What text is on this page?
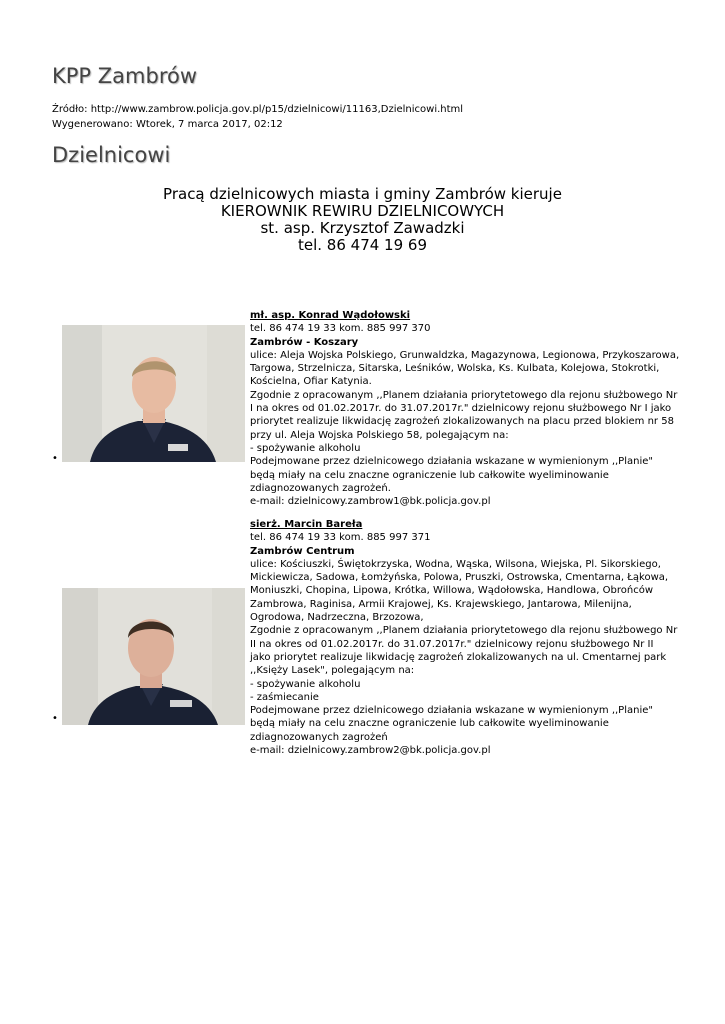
KPP Zambrów
Źródło: http://www.zambrow.policja.gov.pl/p15/dzielnicowi/11163,Dzielnicowi.html
Wygenerowano: Wtorek, 7 marca 2017, 02:12
Dzielnicowi
Pracą dzielnicowych miasta i gminy Zambrów kieruje
KIEROWNIK REWIRU DZIELNICOWYCH
st. asp. Krzysztof Zawadzki
tel. 86 474 19 69
•
mł. asp. Konrad Wądołowski
tel. 86 474 19 33 kom. 885 997 370
Zambrów - Koszary
ulice: Aleja Wojska Polskiego, Grunwaldzka, Magazynowa, Legionowa, Przykoszarowa,
Targowa, Strzelnicza, Sitarska, Leśników, Wolska, Ks. Kulbata, Kolejowa, Stokrotki,
Kościelna, Ofiar Katynia.
Zgodnie z opracowanym ,,Planem działania priorytetowego dla rejonu służbowego Nr
I na okres od 01.02.2017r. do 31.07.2017r." dzielnicowy rejonu służbowego Nr I jako
priorytet realizuje likwidację zagrożeń zlokalizowanych na placu przed blokiem nr 58
przy ul. Aleja Wojska Polskiego 58, polegającym na:
- spożywanie alkoholu
Podejmowane przez dzielnicowego działania wskazane w wymienionym ,,Planie"
będą miały na celu znaczne ograniczenie lub całkowite wyeliminowanie
zdiagnozowanych zagrożeń.
e-mail: dzielnicowy.zambrow1@bk.policja.gov.pl
•
sierż. Marcin Bareła
tel. 86 474 19 33 kom. 885 997 371
Zambrów Centrum
ulice: Kościuszki, Świętokrzyska, Wodna, Wąska, Wilsona, Wiejska, Pl. Sikorskiego,
Mickiewicza, Sadowa, Łomżyńska, Polowa, Pruszki, Ostrowska, Cmentarna, Łąkowa,
Moniuszki, Chopina, Lipowa, Krótka, Willowa, Wądołowska, Handlowa, Obrońców
Zambrowa, Raginisa, Armii Krajowej, Ks. Krajewskiego, Jantarowa, Milenijna,
Ogrodowa, Nadrzeczna, Brzozowa,
Zgodnie z opracowanym ,,Planem działania priorytetowego dla rejonu służbowego Nr
II na okres od 01.02.2017r. do 31.07.2017r." dzielnicowy rejonu służbowego Nr II
jako priorytet realizuje likwidację zagrożeń zlokalizowanych na ul. Cmentarnej park
,,Księży Lasek", polegającym na:
- spożywanie alkoholu
- zaśmiecanie
Podejmowane przez dzielnicowego działania wskazane w wymienionym ,,Planie"
będą miały na celu znaczne ograniczenie lub całkowite wyeliminowanie
zdiagnozowanych zagrożeń
e-mail: dzielnicowy.zambrow2@bk.policja.gov.pl
